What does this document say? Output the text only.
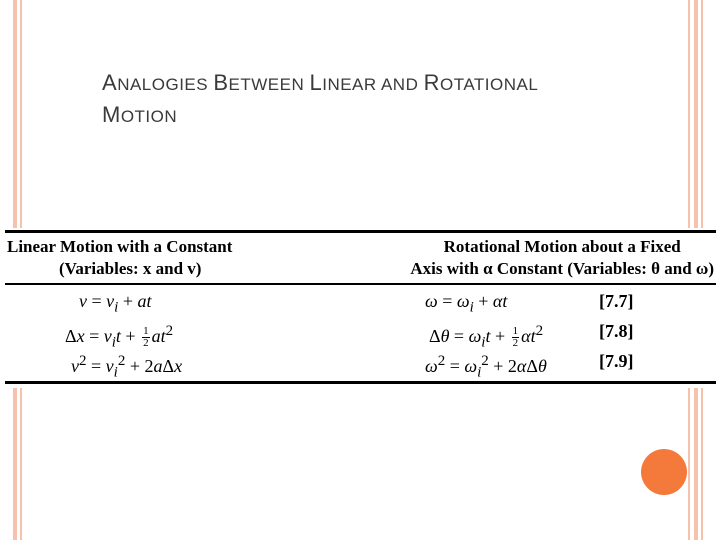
ANALOGIES BETWEEN LINEAR AND ROTATIONAL
MOTION
Linear Motion with a Constant
(Variables: x and v)
Rotational Motion about a Fixed
Axis with α Constant (Variables: θ and ω)
$v = v_i$ + at	$\omega = \omega_i + \alpha t$	[7.7]
$\Delta x = v_it + \frac{1}{2} at^2$	$\Delta\theta = \omega_it + \frac{1}{2} \alpha t^2$	[7.8]
$v^2 = v_i^2 + 2a\Delta x$	$\omega^2 = \omega_i^2 + 2\alpha\Delta\theta$	[7.9]
